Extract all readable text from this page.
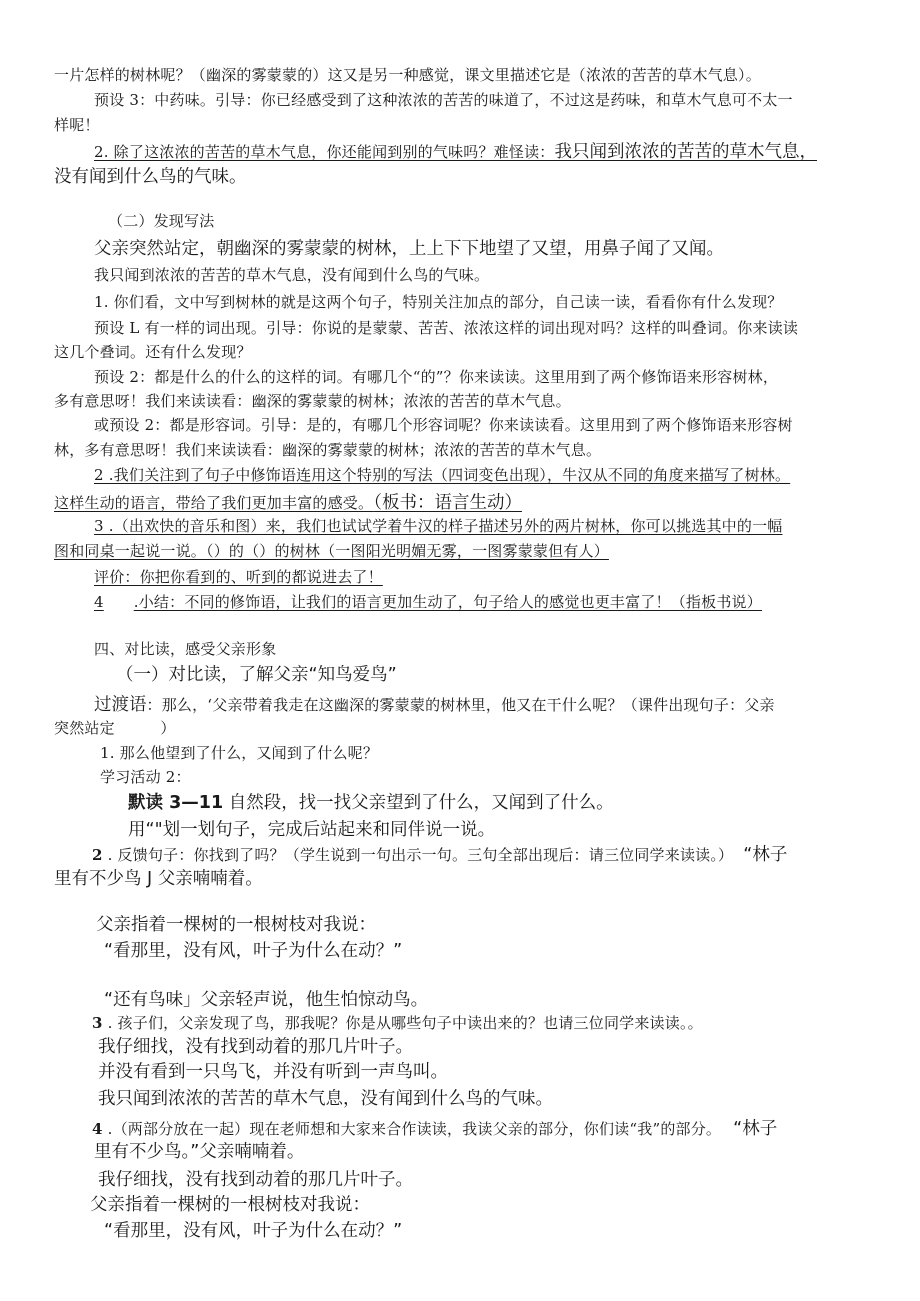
一片怎样的树林呢？（幽深的雾蒙蒙的）这又是另一种感觉，课文里描述它是（浓浓的苦苦的草木气息）。

预设 3：中药味。引导：你已经感受到了这种浓浓的苦苦的味道了，不过这是药味，和草木气息可不太一

样呢！

2. 除了这浓浓的苦苦的草木气息，你还能闻到别的气味吗？难怪读：我只闻到浓浓的苦苦的草木气息，

没有闻到什么鸟的气味。

（二）发现写法

父亲突然站定，朝幽深的雾蒙蒙的树林，上上下下地望了又望，用鼻子闻了又闻。

我只闻到浓浓的苦苦的草木气息，没有闻到什么鸟的气味。

1. 你们看，文中写到树林的就是这两个句子，特别关注加点的部分，自己读一读，看看你有什么发现？

预设 L 有一样的词出现。引导：你说的是蒙蒙、苦苦、浓浓这样的词出现对吗？这样的叫叠词。你来读读

这几个叠词。还有什么发现？

预设 2：都是什么的什么的这样的词。有哪几个“的”？你来读读。这里用到了两个修饰语来形容树林，

多有意思呀！我们来读读看：幽深的雾蒙蒙的树林；浓浓的苦苦的草木气息。

或预设 2：都是形容词。引导：是的，有哪几个形容词呢？你来读读看。这里用到了两个修饰语来形容树

林，多有意思呀！我们来读读看：幽深的雾蒙蒙的树林；浓浓的苦苦的草木气息。

2 .我们关注到了句子中修饰语连用这个特别的写法（四词变色出现），牛汉从不同的角度来描写了树林。

这样生动的语言，带给了我们更加丰富的感受。（板书：语言生动）

3 .（出欢快的音乐和图）来，我们也试试学着牛汉的样子描述另外的两片树林，你可以挑选其中的一幅

图和同桌一起说一说。（）的（）的树林（一图阳光明媚无雾，一图雾蒙蒙但有人）

评价：你把你看到的、听到的都说进去了！

4 .小结：不同的修饰语，让我们的语言更加生动了，句子给人的感觉也更丰富了！（指板书说）

四、对比读，感受父亲形象

（一）对比读，了解父亲“知鸟爱鸟”

过渡语：那么，‘父亲带着我走在这幽深的雾蒙蒙的树林里，他又在干什么呢？（课件出现句子：父亲

突然站定　　　）

1. 那么他望到了什么，又闻到了什么呢？

学习活动 2：

默读 3—11 自然段，找一找父亲望到了什么，又闻到了什么。

用“"划一划句子，完成后站起来和同伴说一说。

2 . 反馈句子：你找到了吗？（学生说到一句出示一句。三句全部出现后：请三位同学来读读。） “林子

里有不少鸟 J 父亲喃喃着。

父亲指着一棵树的一根树枝对我说：

“看那里，没有风，叶子为什么在动？”

“还有鸟味」父亲轻声说，他生怕惊动鸟。

3 . 孩子们，父亲发现了鸟，那我呢？你是从哪些句子中读出来的？也请三位同学来读读。。

我仔细找，没有找到动着的那几片叶子。

并没有看到一只鸟飞，并没有听到一声鸟叫。

我只闻到浓浓的苦苦的草木气息，没有闻到什么鸟的气味。

4 .（两部分放在一起）现在老师想和大家来合作读读，我读父亲的部分，你们读“我”的部分。 “林子

里有不少鸟。”父亲喃喃着。

我仔细找，没有找到动着的那几片叶子。

父亲指着一棵树的一根树枝对我说：

“看那里，没有风，叶子为什么在动？”
